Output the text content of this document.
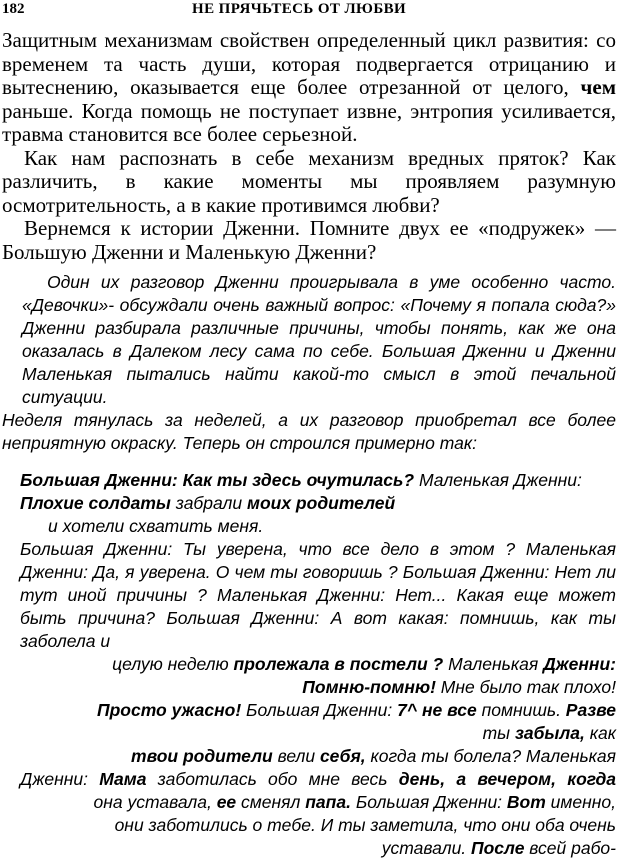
182	НЕ ПРЯЧЬТЕСЬ ОТ ЛЮБВИ

Защитным механизмам свойствен определенный цикл развития: со временем та часть души, которая подвергается отрицанию и вытеснению, оказывается еще более отрезанной от целого, чем раньше. Когда помощь не поступает извне, энтропия усиливается, травма становится все более серьезной.

Как нам распознать в себе механизм вредных пряток? Как различить, в какие моменты мы проявляем разумную осмотрительность, а в какие противимся любви?

Вернемся к истории Дженни. Помните двух ее «подружек» — Большую Дженни и Маленькую Дженни?

Один их разговор Дженни проигрывала в уме особенно часто. «Девочки»- обсуждали очень важный вопрос: «Почему я попала сюда?» Дженни разбирала различные причины, чтобы понять, как же она оказалась в Далеком лесу сама по себе. Большая Дженни и Дженни Маленькая пытались найти какой-то смысл в этой печальной ситуации.

Неделя тянулась за неделей, а их разговор приобретал все более неприятную окраску. Теперь он строился примерно так:

Большая Дженни: Как ты здесь очутилась? Маленькая Дженни: Плохие солдаты забрали моих родителей

и хотели схватить меня.

Большая Дженни: Ты уверена, что все дело в этом ? Маленькая Дженни: Да, я уверена. О чем ты говоришь ? Большая Дженни: Нет ли тут иной причины ? Маленькая Дженни: Нет... Какая еще может быть причина? Большая Дженни: А вот какая: помнишь, как ты заболела и

целую неделю пролежала в постели ? Маленькая Дженни:

Помню-помню! Мне было так плохо!

Просто ужасно! Большая Дженни: 7^ не все помнишь. Разве

ты забыла, как

твои родители вели себя, когда ты болела? Маленькая

Дженни: Мама заботилась обо мне весь день, а вечером, когда

она уставала, ее сменял папа. Большая Дженни: Вот именно,

они заботились о тебе. И ты заметила, что они оба очень

уставали. После всей рабо-
